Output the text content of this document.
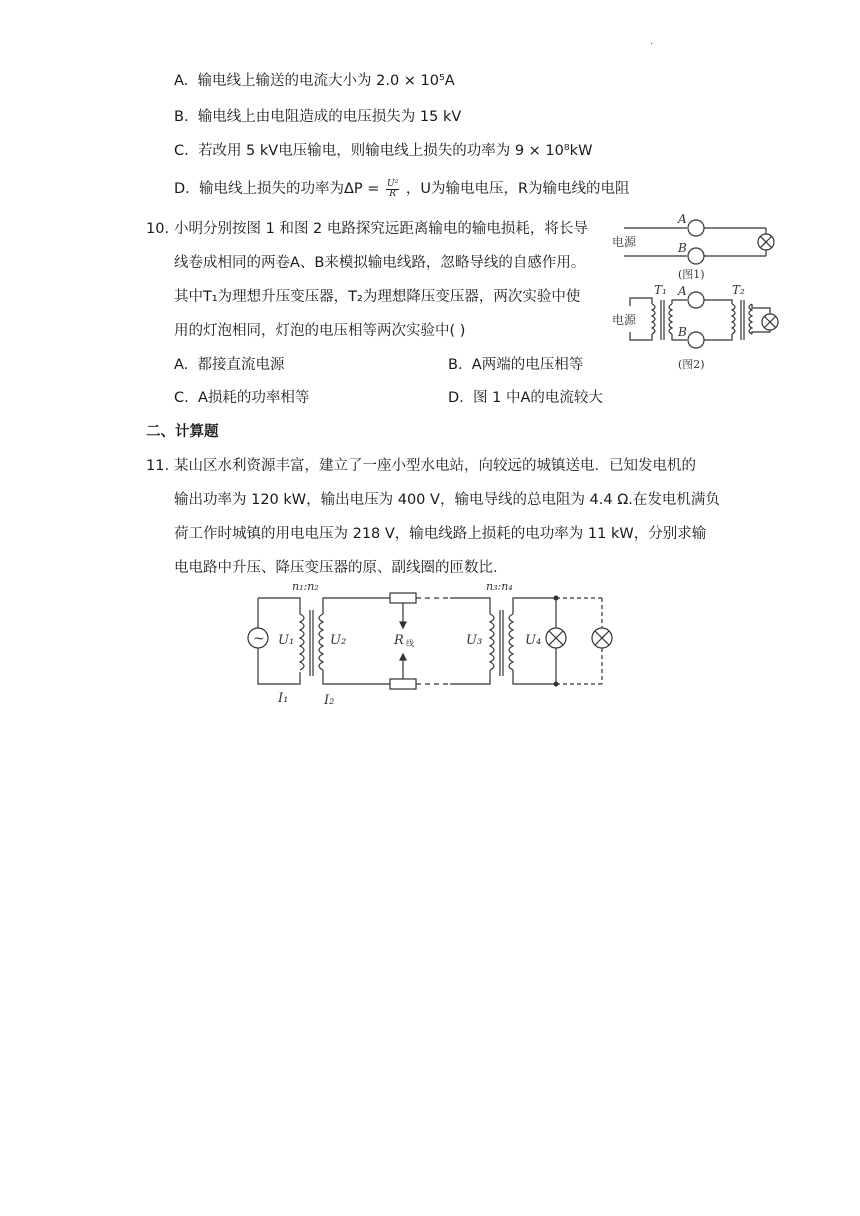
.
A. 输电线上输送的电流大小为 2.0 × 10⁵A
B. 输电线上由电阻造成的电压损失为 15 kV
C. 若改用 5 kV电压输电，则输电线上损失的功率为 9 × 10⁸kW
D. 输电线上损失的功率为$\Delta P = \frac{\text{U²}}{R}$ ，U为输电电压，R为输电线的电阻
10. 小明分别按图 1 和图 2 电路探究远距离输电的输电损耗，将长导
线卷成相同的两卷A、B来模拟输电线路，忽略导线的自感作用。
其中T₁为理想升压变压器，T₂为理想降压变压器，两次实验中使
用的灯泡相同，灯泡的电压相等两次实验中( )
A. 都接直流电源	B. A两端的电压相等
C. A损耗的功率相等	D. 图 1 中A的电流较大
A
B
电源
(图1)
T₁ A	T₂
电源
B
(图2)
二、计算题
11. 某山区水利资源丰富，建立了一座小型水电站，向较远的城镇送电．已知发电机的
输出功率为 120 kW，输出电压为 400 V，输电导线的总电阻为 4.4 Ω.在发电机满负
荷工作时城镇的用电电压为 218 V，输电线路上损耗的电功率为 11 kW，分别求输
电电路中升压、降压变压器的原、副线圈的匝数比．
~ U₁	U₂
n₁:n₂
R 线	U₃
n₃:n₄
U₄
I₁	I₂
